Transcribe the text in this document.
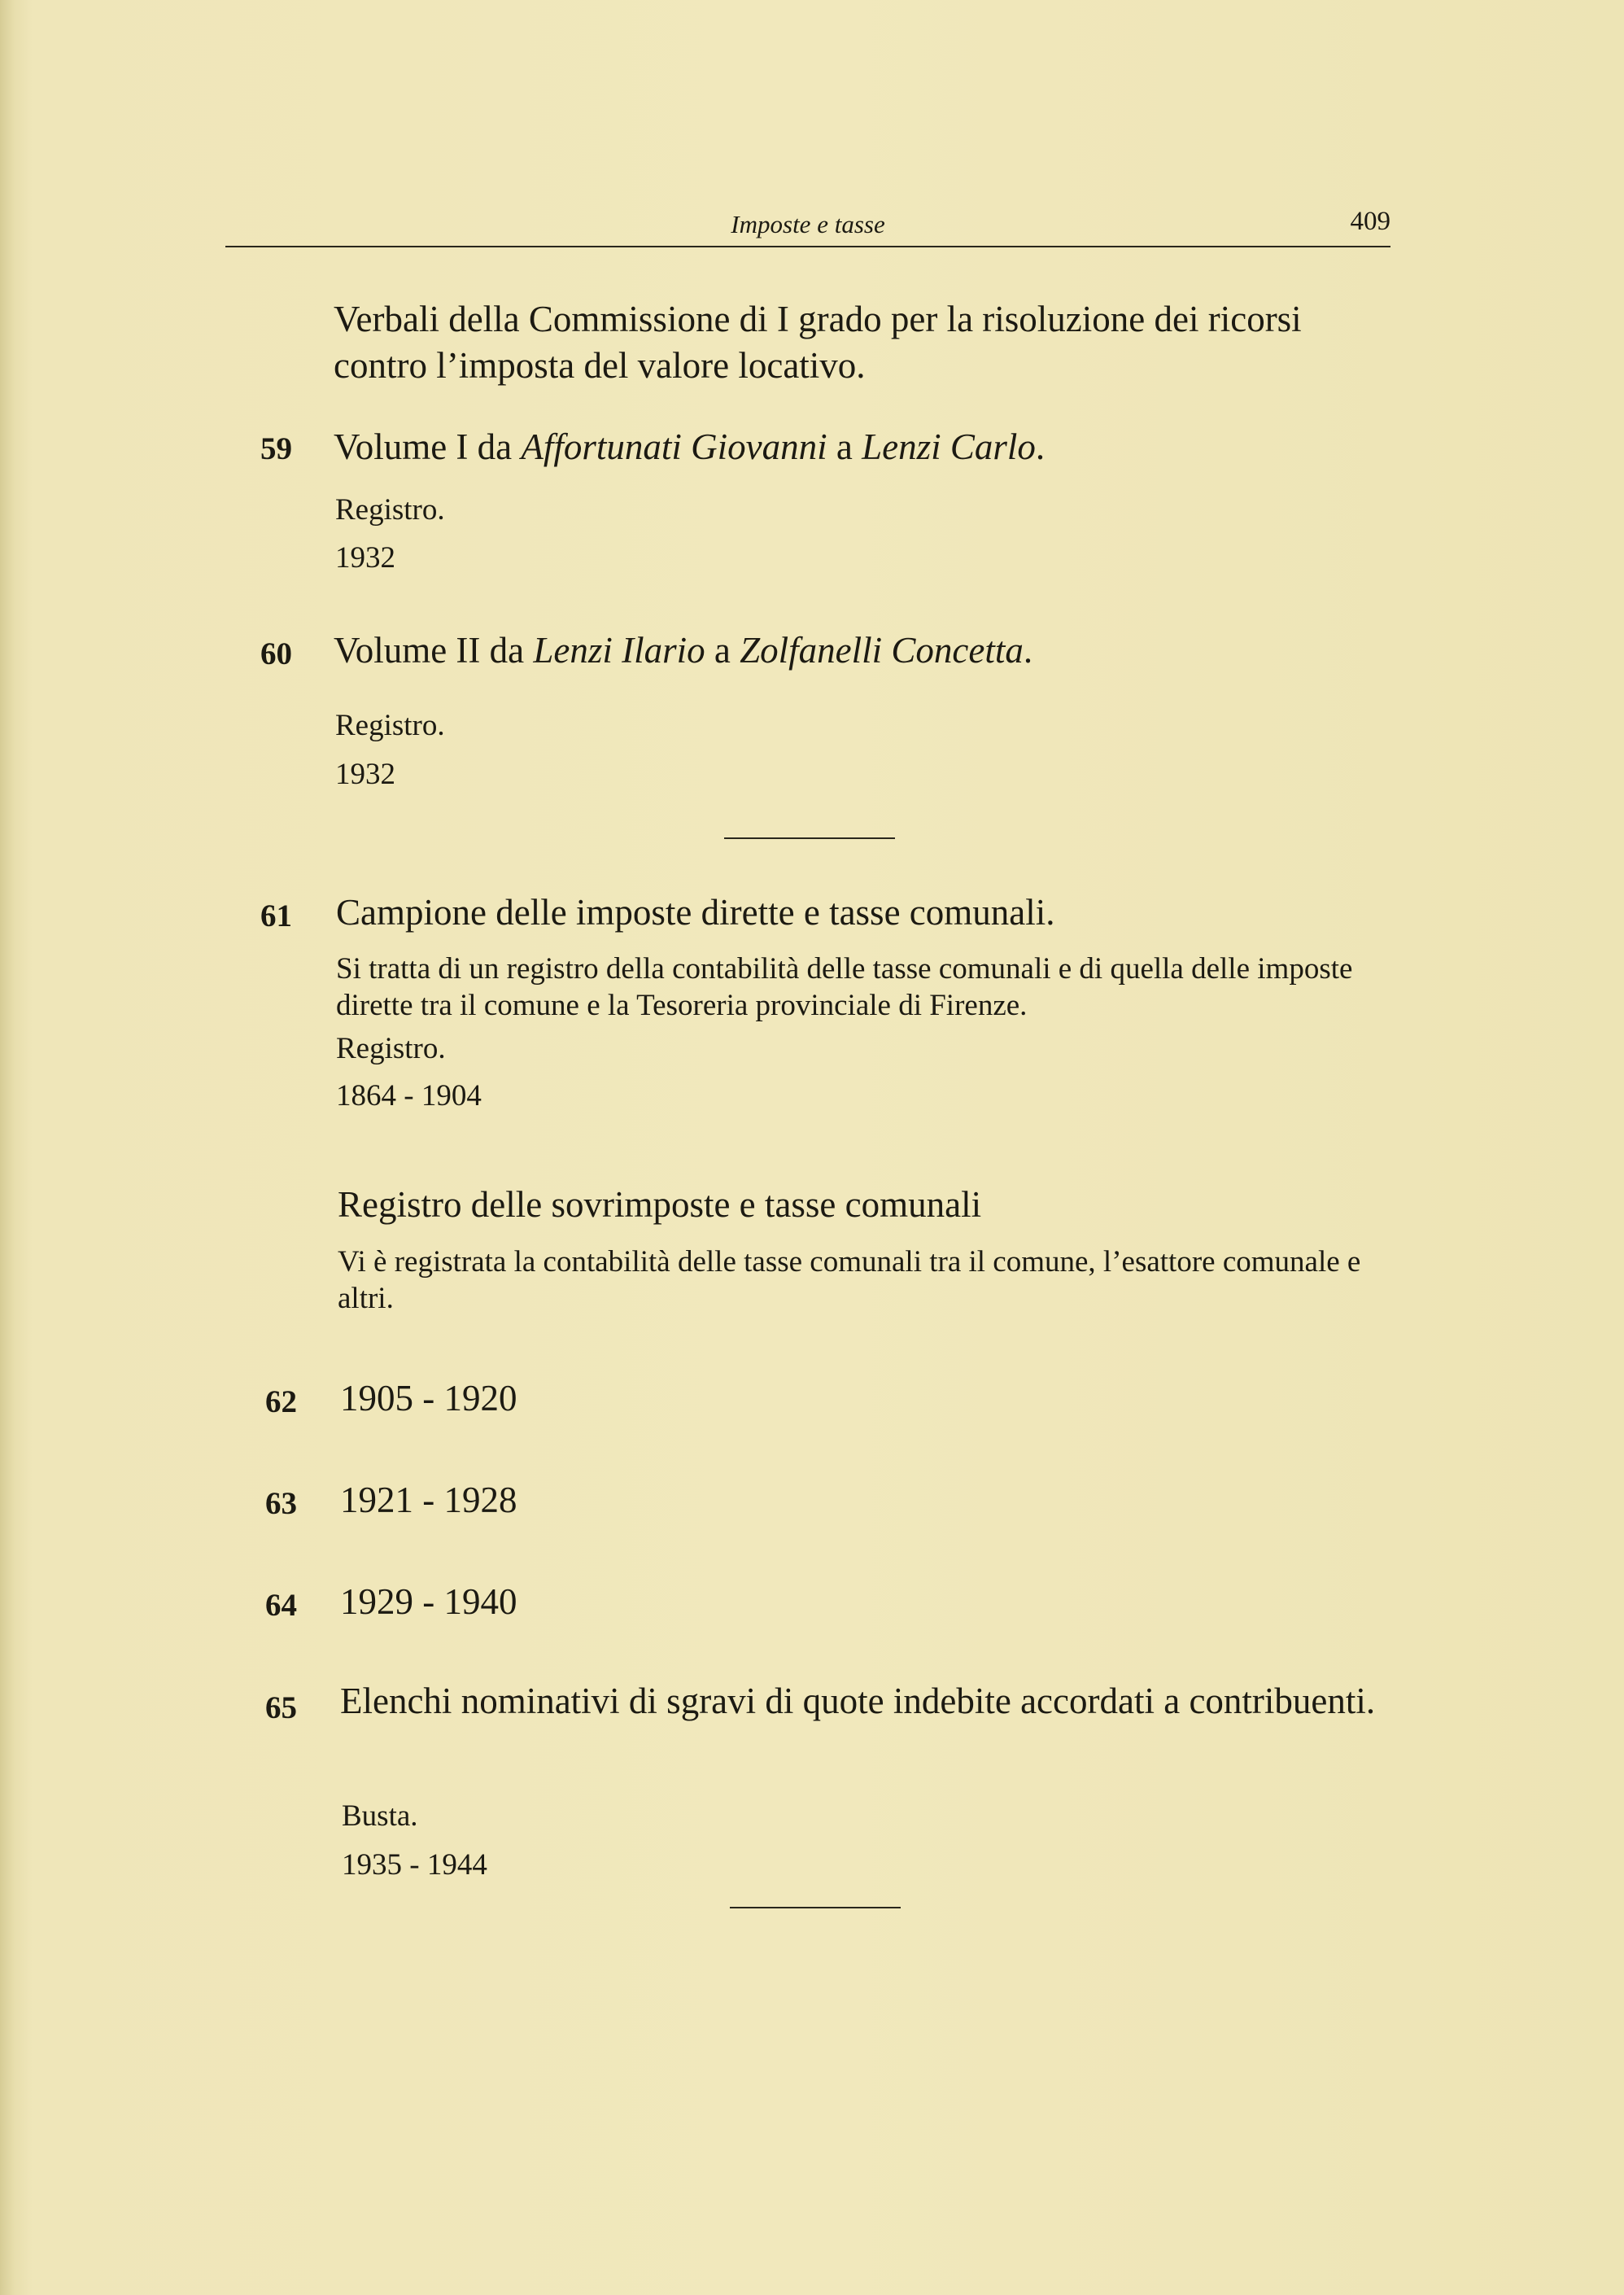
Imposte e tasse	409
Verbali della Commissione di I grado per la risoluzione dei ricorsi contro l’imposta del valore locativo.
59 Volume I da Affortunati Giovanni a Lenzi Carlo.
Registro.
1932
60 Volume II da Lenzi Ilario a Zolfanelli Concetta.
Registro.
1932
61 Campione delle imposte dirette e tasse comunali.
Si tratta di un registro della contabilità delle tasse comunali e di quella delle imposte dirette tra il comune e la Tesoreria provinciale di Firenze.
Registro.
1864 - 1904
Registro delle sovrimposte e tasse comunali
Vi è registrata la contabilità delle tasse comunali tra il comune, l’esattore comunale e altri.
62 1905 - 1920
63 1921 - 1928
64 1929 - 1940
65 Elenchi nominativi di sgravi di quote indebite accordati a contribuenti.
Busta.
1935 - 1944
